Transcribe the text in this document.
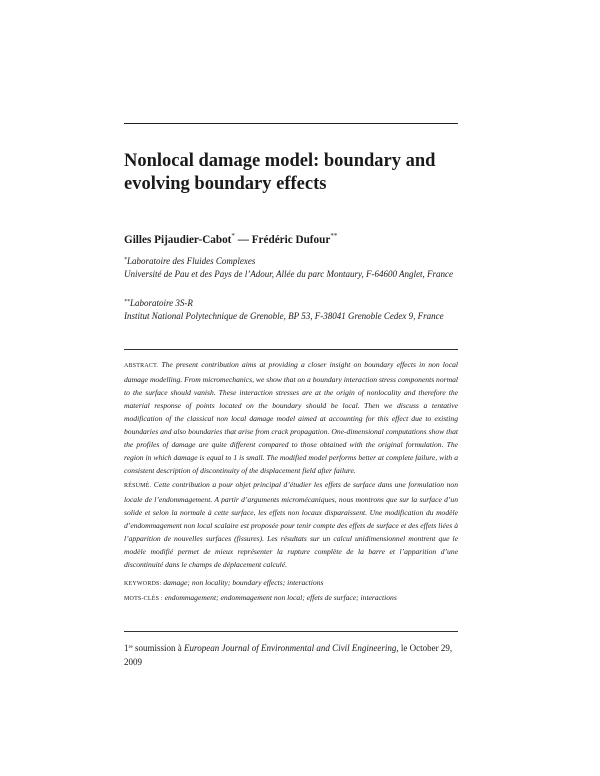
Nonlocal damage model: boundary and evolving boundary effects
Gilles Pijaudier-Cabot* — Frédéric Dufour**
*Laboratoire des Fluides Complexes
Université de Pau et des Pays de l’Adour, Allée du parc Montaury, F-64600 Anglet, France
**Laboratoire 3S-R
Institut National Polytechnique de Grenoble, BP 53, F-38041 Grenoble Cedex 9, France

ABSTRACT. The present contribution aims at providing a closer insight on boundary effects in non local damage modelling. From micromechanics, we show that on a boundary interaction stress components normal to the surface should vanish. These interaction stresses are at the origin of nonlocality and therefore the material response of points located on the boundary should be local. Then we discuss a tentative modification of the classical non local damage model aimed at accounting for this effect due to existing boundaries and also boundaries that arise from crack propagation. One-dimensional computations show that the profiles of damage are quite different compared to those obtained with the original formulation. The region in which damage is equal to 1 is small. The modified model performs better at complete failure, with a consistent description of discontinuity of the displacement field after failure.

RÉSUMÉ. Cette contribution a pour objet principal d’étudier les effets de surface dans une formulation non locale de l’endommagement. A partir d’arguments micromécaniques, nous montrons que sur la surface d’un solide et selon la normale à cette surface, les effets non locaux disparaissent. Une modification du modèle d’endommagement non local scalaire est proposée pour tenir compte des effets de surface et des effets liées à l’apparition de nouvelles surfaces (fissures). Les résultats sur un calcul unidimensionnel montrent que le modèle modifié permet de mieux représenter la rupture complète de la barre et l’apparition d’une discontinuité dans le champs de déplacement calculé.

KEYWORDS: damage; non locality; boundary effects; interactions

MOTS-CLÉS : endommagement; endommagement non local; effets de surface; interactions

1re soumission à European Journal of Environmental and Civil Engineering, le October 29, 2009
